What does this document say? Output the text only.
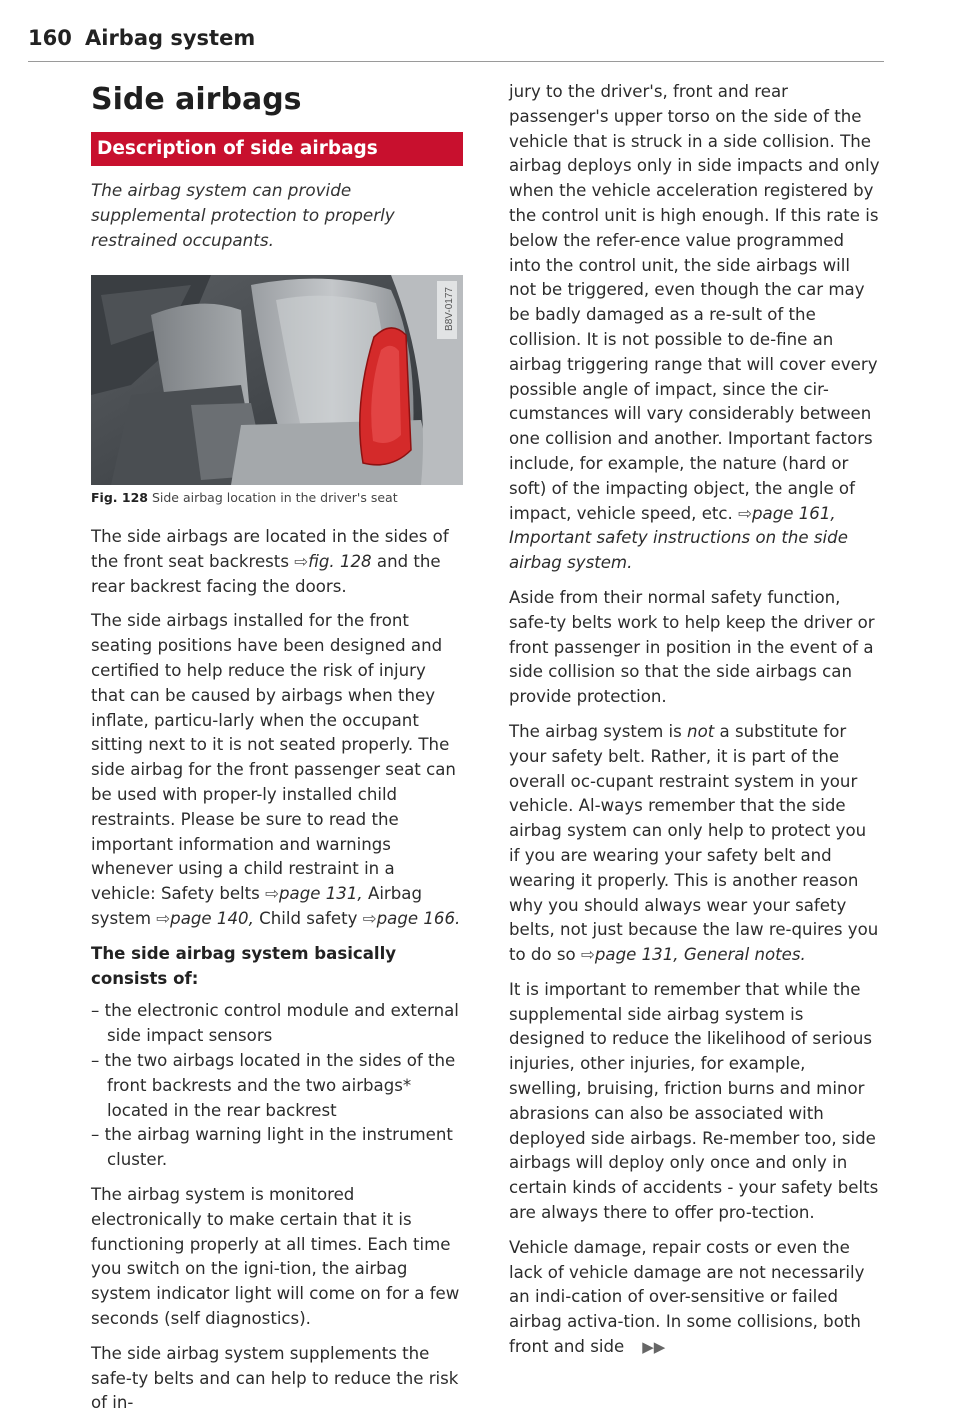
160 Airbag system
Side airbags
Description of side airbags

The airbag system can provide supplemental protection to properly restrained occupants.

B8V-0177
Fig. 128 Side airbag location in the driver's seat

The side airbags are located in the sides of the front seat backrests ⇨fig. 128 and the rear backrest facing the doors.

The side airbags installed for the front seating positions have been designed and certified to help reduce the risk of injury that can be caused by airbags when they inflate, particu-larly when the occupant sitting next to it is not seated properly. The side airbag for the front passenger seat can be used with proper-ly installed child restraints. Please be sure to read the important information and warnings whenever using a child restraint in a vehicle: Safety belts ⇨page 131, Airbag system ⇨page 140, Child safety ⇨page 166.

The side airbag system basically consists of:
– the electronic control module and external side impact sensors
– the two airbags located in the sides of the front backrests and the two airbags* located in the rear backrest
– the airbag warning light in the instrument cluster.

The airbag system is monitored electronically to make certain that it is functioning properly at all times. Each time you switch on the igni-tion, the airbag system indicator light will come on for a few seconds (self diagnostics).

The side airbag system supplements the safe-ty belts and can help to reduce the risk of in-

jury to the driver's, front and rear passenger's upper torso on the side of the vehicle that is struck in a side collision. The airbag deploys only in side impacts and only when the vehicle acceleration registered by the control unit is high enough. If this rate is below the refer-ence value programmed into the control unit, the side airbags will not be triggered, even though the car may be badly damaged as a re-sult of the collision. It is not possible to de-fine an airbag triggering range that will cover every possible angle of impact, since the cir-cumstances will vary considerably between one collision and another. Important factors include, for example, the nature (hard or soft) of the impacting object, the angle of impact, vehicle speed, etc. ⇨page 161, Important safety instructions on the side airbag system.

Aside from their normal safety function, safe-ty belts work to help keep the driver or front passenger in position in the event of a side collision so that the side airbags can provide protection.

The airbag system is not a substitute for your safety belt. Rather, it is part of the overall oc-cupant restraint system in your vehicle. Al-ways remember that the side airbag system can only help to protect you if you are wearing your safety belt and wearing it properly. This is another reason why you should always wear your safety belts, not just because the law re-quires you to do so ⇨page 131, General notes.

It is important to remember that while the supplemental side airbag system is designed to reduce the likelihood of serious injuries, other injuries, for example, swelling, bruising, friction burns and minor abrasions can also be associated with deployed side airbags. Re-member too, side airbags will deploy only once and only in certain kinds of accidents - your safety belts are always there to offer pro-tection.

Vehicle damage, repair costs or even the lack of vehicle damage are not necessarily an indi-cation of over-sensitive or failed airbag activa-tion. In some collisions, both front and side ▶▶
